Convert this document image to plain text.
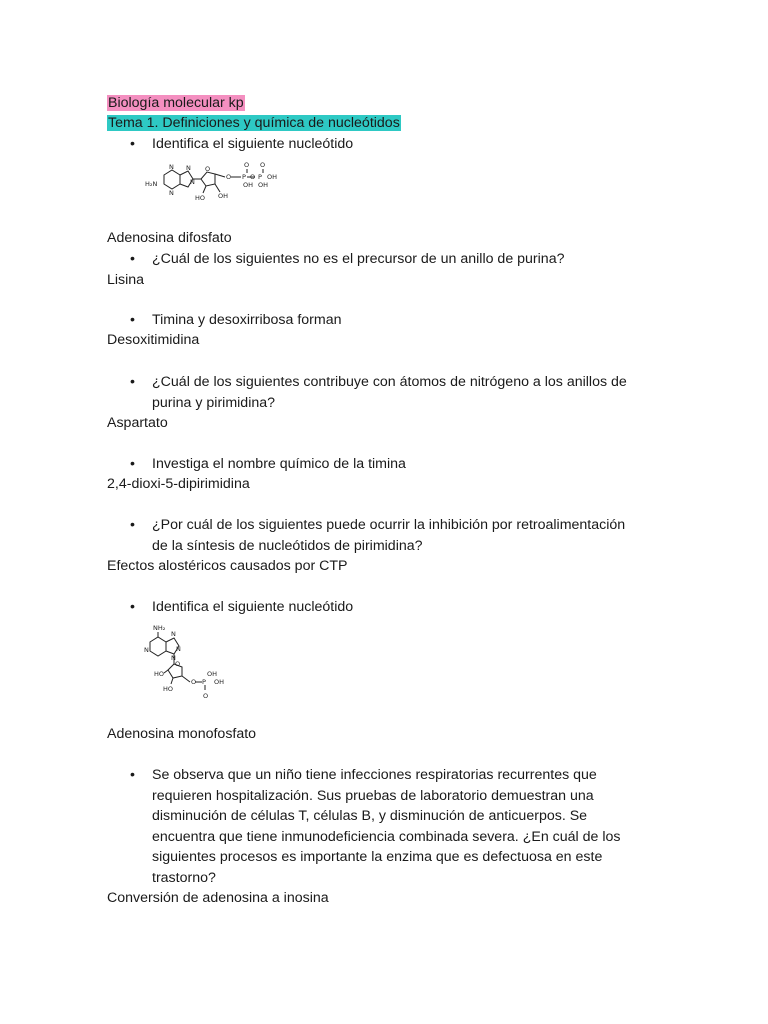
Biología molecular kp
Tema 1. Definiciones y química de nucleótidos
• Identifica el siguiente nucleótido
H₂N
N N
N
N
O
HO OH
O P O P OH
OH OH
O O
Adenosina difosfato
• ¿Cuál de los siguientes no es el precursor de un anillo de purina?
Lisina
• Timina y desoxirribosa forman
Desoxitimidina
• ¿Cuál de los siguientes contribuye con átomos de nitrógeno a los anillos de
purina y pirimidina?
Aspartato
• Investiga el nombre químico de la timina
2,4-dioxi-5-dipirimidina
• ¿Por cuál de los siguientes puede ocurrir la inhibición por retroalimentación
de la síntesis de nucleótidos de pirimidina?
Efectos alostéricos causados por CTP
• Identifica el siguiente nucleótido
NH₂
N
N
N
N
O
HO
HO
O P
OH
OH
O
Adenosina monofosfato
• Se observa que un niño tiene infecciones respiratorias recurrentes que
requieren hospitalización. Sus pruebas de laboratorio demuestran una
disminución de células T, células B, y disminución de anticuerpos. Se
encuentra que tiene inmunodeficiencia combinada severa. ¿En cuál de los
siguientes procesos es importante la enzima que es defectuosa en este
trastorno?
Conversión de adenosina a inosina
